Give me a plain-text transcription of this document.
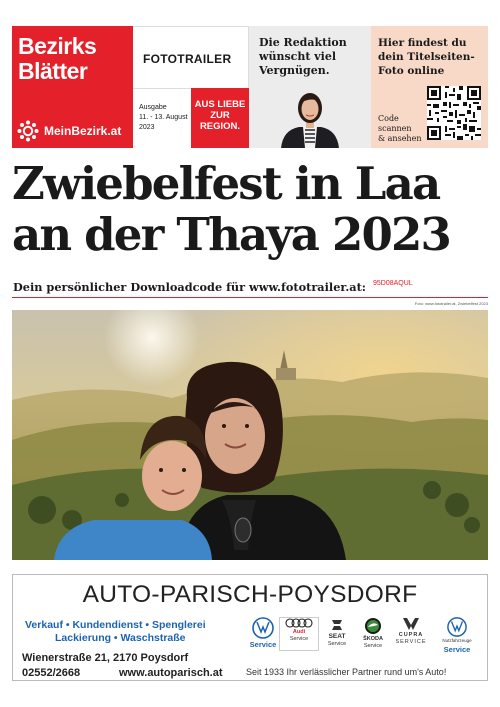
Bezirks
Blätter
MeinBezirk.at
FOTOTRAILER
Ausgabe
11. - 13. August
2023
AUS LIEBE
ZUR
REGION.
Die Redaktion
wünscht viel
Vergnügen.
Hier findest du
dein Titelseiten-
Foto online
Code
scannen
& ansehen
Zwiebelfest in Laa
an der Thaya 2023
Dein persönlicher Downloadcode für www.fototrailer.at: 95D08AQUL
Foto: www.fototrailer.at, Zwiebelfest 2023
AUTO-PARISCH-POYSDORF
Verkauf • Kundendienst • Spenglerei
Lackierung • Waschstraße
Wienerstraße 21, 2170 Poysdorf
02552/2668	www.autoparisch.at	Seit 1933 Ihr verlässlicher Partner rund um's Auto!
Service
Audi
Service	SEAT
Service
ŠKODA
Service
CUPRA
SERVICE	Nutzfahrzeuge
Service
